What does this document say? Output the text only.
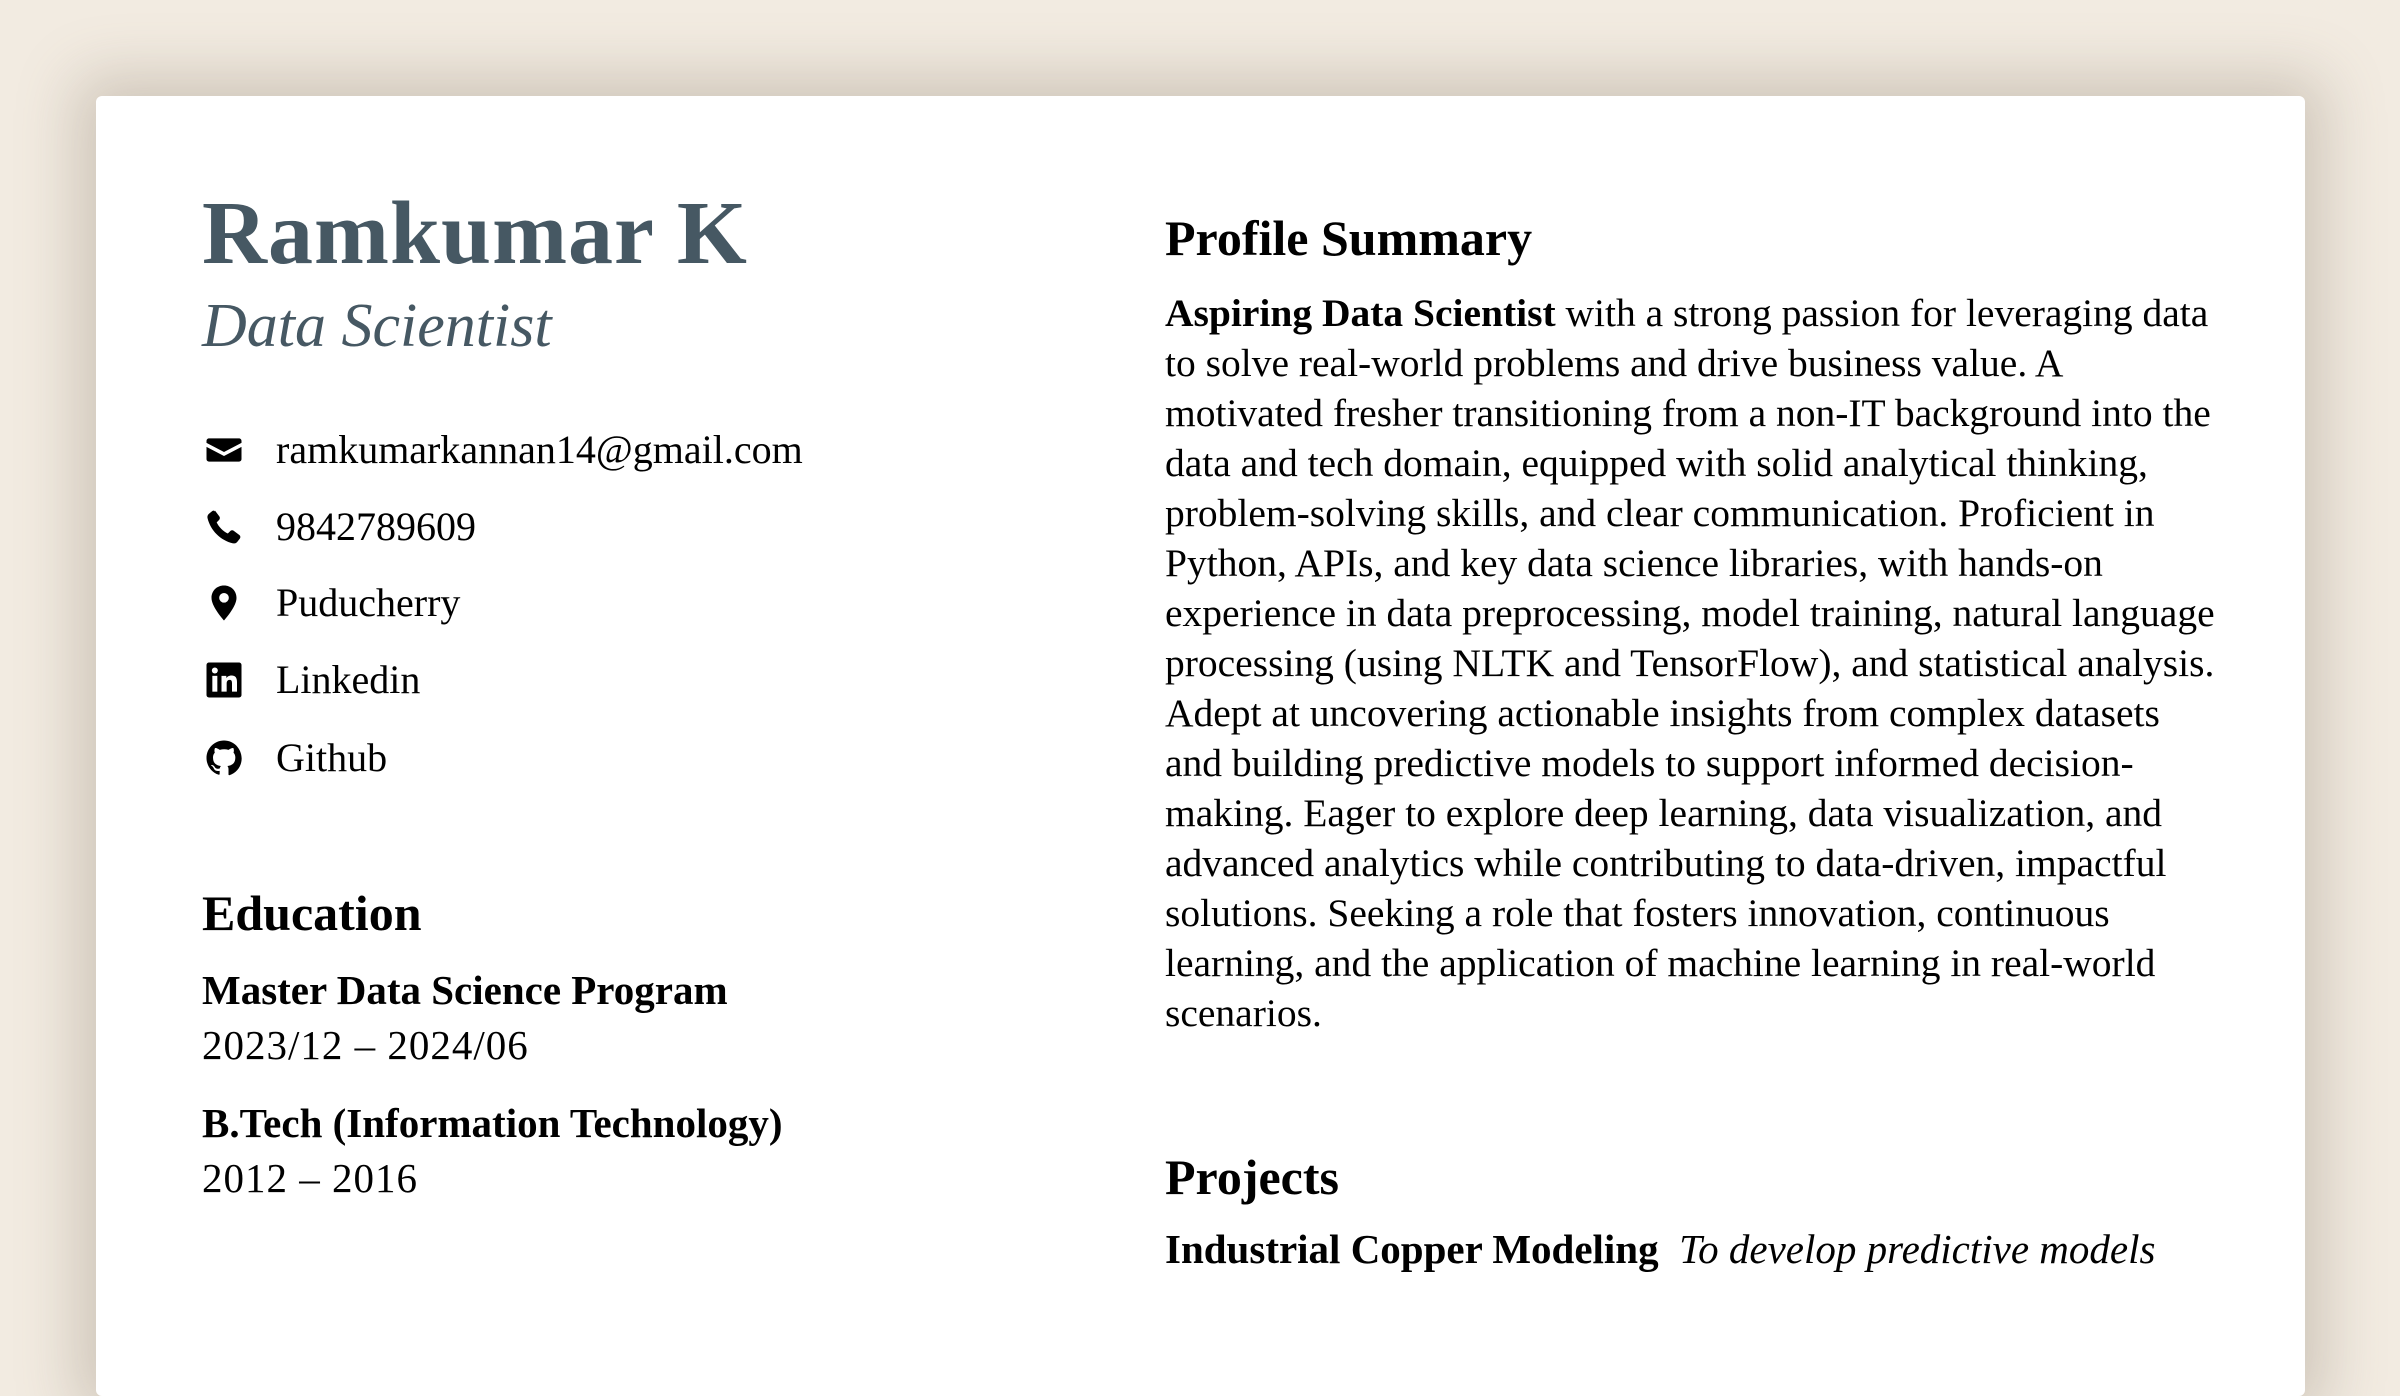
Ramkumar K
Data Scientist
ramkumarkannan14@gmail.com
9842789609
Puducherry
Linkedin
Github
Education
Master Data Science Program
2023/12 – 2024/06
B.Tech (Information Technology)
2012 – 2016
Profile Summary
Aspiring Data Scientist with a strong passion for leveraging data to solve real-world problems and drive business value. A motivated fresher transitioning from a non-IT background into the data and tech domain, equipped with solid analytical thinking, problem-solving skills, and clear communication. Proficient in Python, APIs, and key data science libraries, with hands-on experience in data preprocessing, model training, natural language processing (using NLTK and TensorFlow), and statistical analysis. Adept at uncovering actionable insights from complex datasets and building predictive models to support informed decision-making. Eager to explore deep learning, data visualization, and advanced analytics while contributing to data-driven, impactful solutions. Seeking a role that fosters innovation, continuous learning, and the application of machine learning in real-world scenarios.
Projects
Industrial Copper Modeling To develop predictive models
